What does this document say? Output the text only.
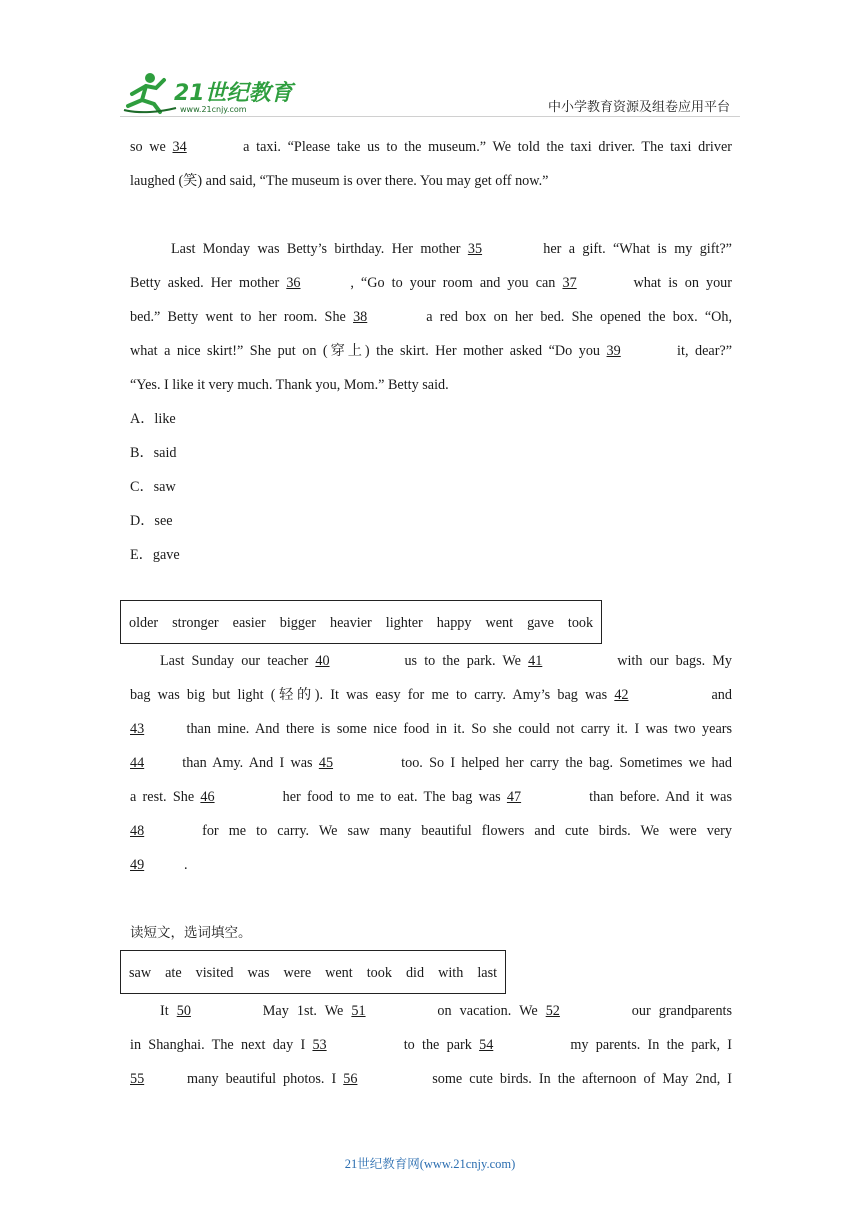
21世纪教育
www.21cnjy.com	中小学教育资源及组卷应用平台
so we 34	a taxi. “Please take us to the museum.” We told the taxi driver. The taxi driver
laughed (笑) and said, “The museum is over there. You may get off now.”
Last Monday was Betty’s birthday. Her mother 35	her a gift. “What is my gift?”
Betty asked. Her mother 36	, “Go to your room and you can 37	what is on your
bed.” Betty went to her room. She 38	a red box on her bed. She opened the box. “Oh,
what a nice skirt!” She put on (穿上) the skirt. Her mother asked “Do you 39	it, dear?”
“Yes. I like it very much. Thank you, Mom.” Betty said.
A．like
B．said
C．saw
D．see
E．gave
older stronger easier bigger heavier lighter happy went gave took
Last Sunday our teacher 40	us to the park. We 41	with our bags. My
bag was big but light (轻的). It was easy for me to carry. Amy’s bag was 42	and
43	than mine. And there is some nice food in it. So she could not carry it. I was two years
44 than Amy. And I was 45	too. So I helped her carry the bag. Sometimes we had
a rest. She 46	her food to me to eat. The bag was 47	than before. And it was
48	for me to carry. We saw many beautiful flowers and cute birds. We were very
49	.
读短文，选词填空。
saw ate visited was were went took did with last
It 50	May 1st. We 51	on vacation. We 52	our grandparents
in Shanghai. The next day I 53	to the park 54	my parents. In the park, I
55	many beautiful photos. I 56	some cute birds. In the afternoon of May 2nd, I
21世纪教育网(www.21cnjy.com)
